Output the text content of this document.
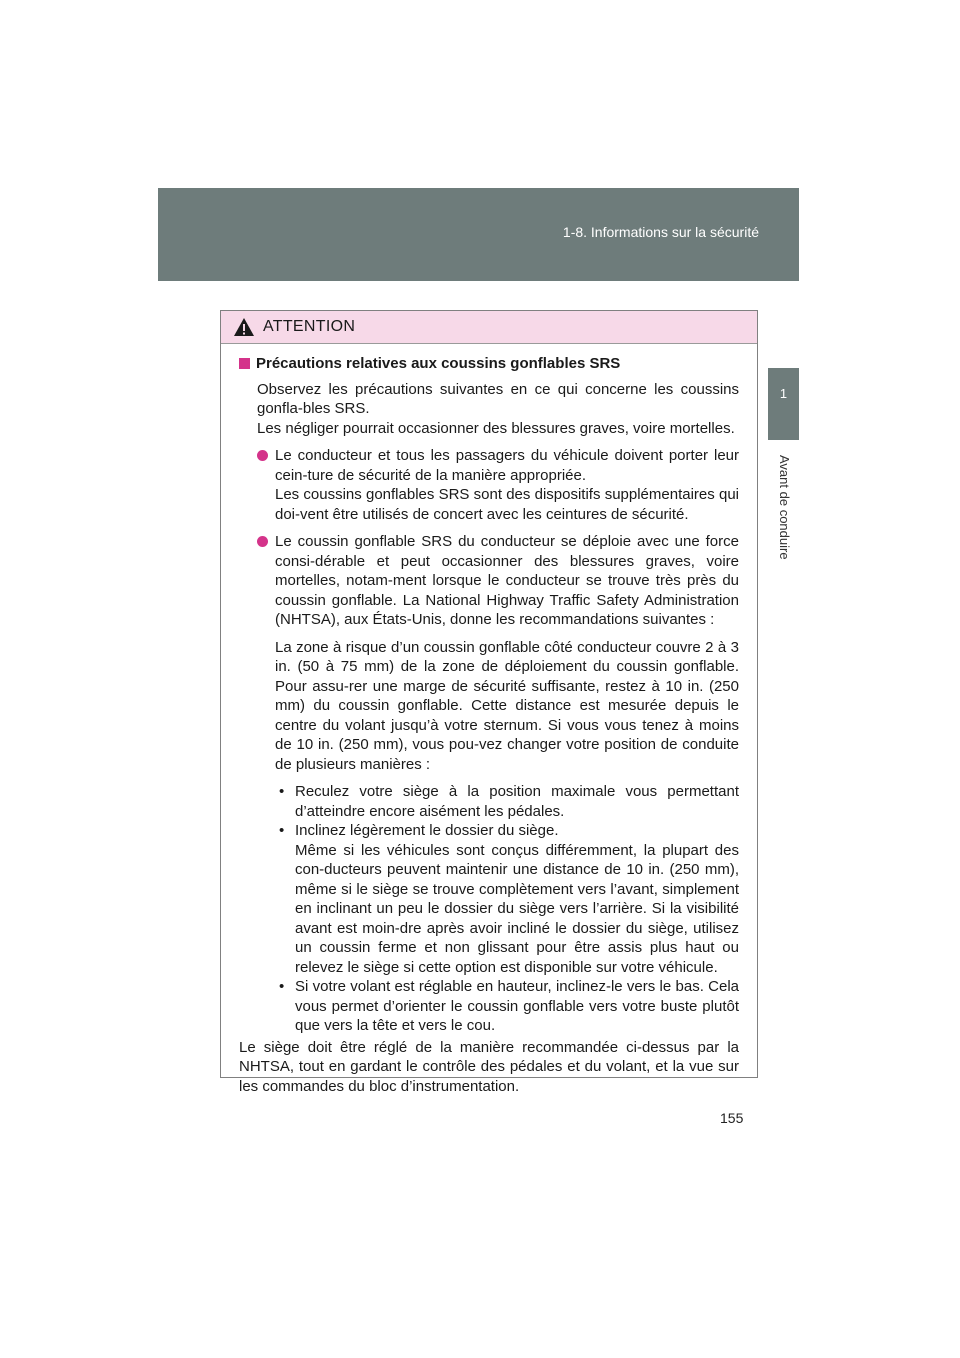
1-8. Informations sur la sécurité
1
Avant de conduire
ATTENTION
Précautions relatives aux coussins gonflables SRS

Observez les précautions suivantes en ce qui concerne les coussins gonfla-bles SRS.

Les négliger pourrait occasionner des blessures graves, voire mortelles.

Le conducteur et tous les passagers du véhicule doivent porter leur cein-ture de sécurité de la manière appropriée.
Les coussins gonflables SRS sont des dispositifs supplémentaires qui doi-vent être utilisés de concert avec les ceintures de sécurité.
Le coussin gonflable SRS du conducteur se déploie avec une force consi-dérable et peut occasionner des blessures graves, voire mortelles, notam-ment lorsque le conducteur se trouve très près du coussin gonflable. La National Highway Traffic Safety Administration (NHTSA), aux États-Unis, donne les recommandations suivantes :
La zone à risque d’un coussin gonflable côté conducteur couvre 2 à 3 in. (50 à 75 mm) de la zone de déploiement du coussin gonflable. Pour assu-rer une marge de sécurité suffisante, restez à 10 in. (250 mm) du coussin gonflable. Cette distance est mesurée depuis le centre du volant jusqu’à votre sternum. Si vous vous tenez à moins de 10 in. (250 mm), vous pou-vez changer votre position de conduite de plusieurs manières :
• Reculez votre siège à la position maximale vous permettant d’atteindre encore aisément les pédales.
• Inclinez légèrement le dossier du siège.
Même si les véhicules sont conçus différemment, la plupart des con-ducteurs peuvent maintenir une distance de 10 in. (250 mm), même si le siège se trouve complètement vers l’avant, simplement en inclinant un peu le dossier du siège vers l’arrière. Si la visibilité avant est moin-dre après avoir incliné le dossier du siège, utilisez un coussin ferme et non glissant pour être assis plus haut ou relevez le siège si cette option est disponible sur votre véhicule.
• Si votre volant est réglable en hauteur, inclinez-le vers le bas. Cela vous permet d’orienter le coussin gonflable vers votre buste plutôt que vers la tête et vers le cou.

Le siège doit être réglé de la manière recommandée ci-dessus par la NHTSA, tout en gardant le contrôle des pédales et du volant, et la vue sur les commandes du bloc d’instrumentation.

155
